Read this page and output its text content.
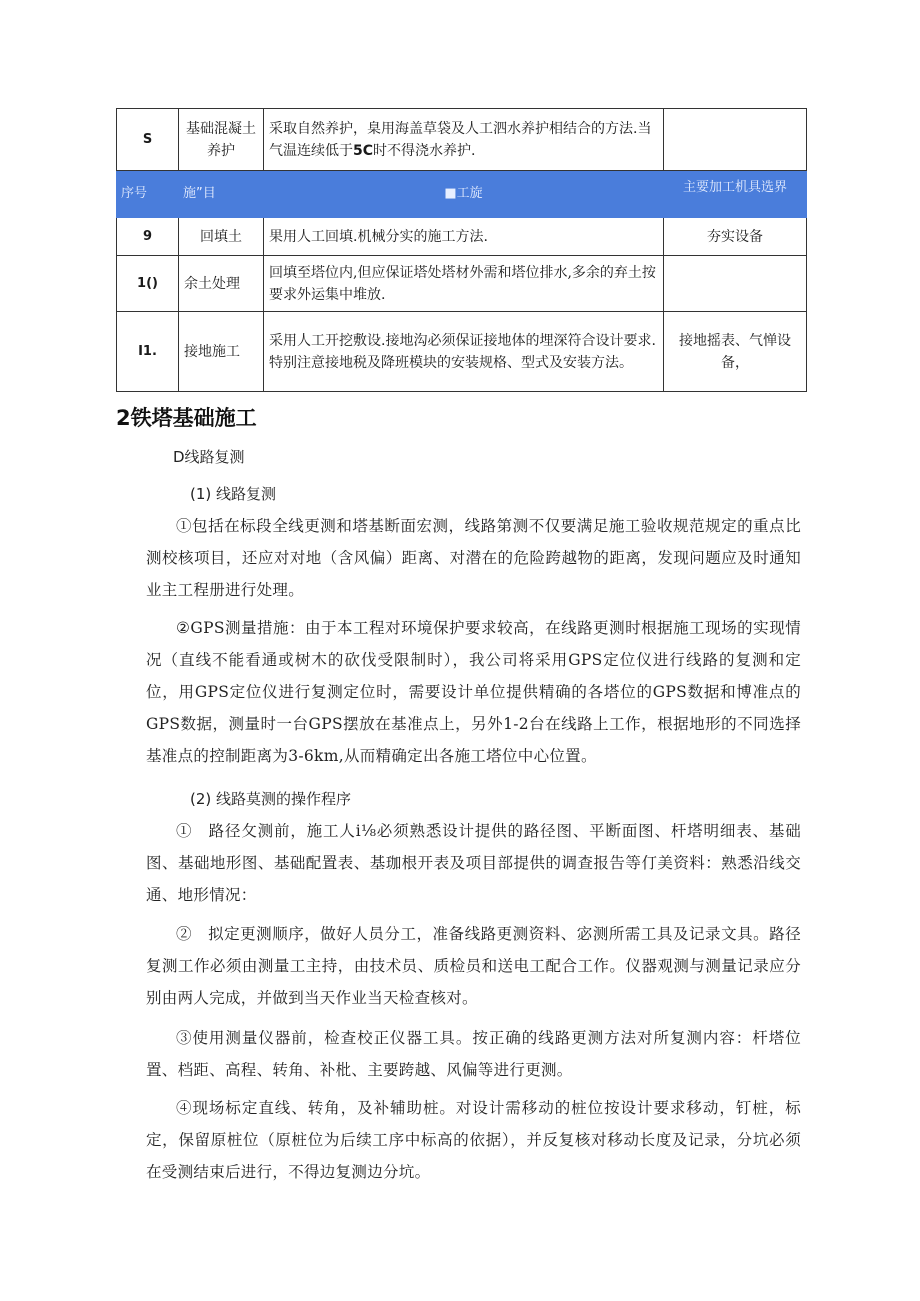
S	基础混凝土养护	采取自然养护，臬用海盖草袋及人工泗水养护相结合的方法.当气温连续低于5C时不得浇水养护.	
序号	施”目	■工旋	主要加工机具选界
9	回填土	果用人工回填.机械分实的施工方法.	夯实设备
1()	余土处理	回填至塔位内,但应保证塔处塔材外需和塔位排水,多余的弃土按要求外运集中堆放.	
I1.	接地施工	采用人工开挖敷设.接地沟必须保证接地体的埋深符合设计要求.特别注意接地税及降班模块的安装规格、型式及安装方法。	接地摇表、气惮设备，
2铁塔基础施工
D线路复测
(1) 线路复测
①包括在标段全线更测和塔基断面宏测，线路第测不仅要满足施工验收规范规定的重点比测校核项目，还应对对地（含风偏）距离、对潜在的危险跨越物的距离，发现问题应及时通知业主工程册进行处理。
②GPS测量措施：由于本工程对环境保护要求较高，在线路更测时根据施工现场的实现情况（直线不能看通或树木的砍伐受限制时），我公司将采用GPS定位仪进行线路的复测和定位，用GPS定位仪进行复测定位时，需要设计单位提供精确的各塔位的GPS数据和博准点的GPS数据，测量时一台GPS摆放在基准点上，另外1-2台在线路上工作，根据地形的不同选择基准点的控制距离为3-6km,从而精确定出各施工塔位中心位置。
(2) 线路莫测的操作程序
①　路径攵测前，施工人i⅛必须熟悉设计提供的路径图、平断面图、杆塔明细表、基础图、基础地形图、基础配置表、基珈根开表及项目部提供的调查报告等仃美资料：熟悉沿线交通、地形情况：
②　拟定更测顺序，做好人员分工，准备线路更测资料、宓测所需工具及记录文具。路径复测工作必须由测量工主持，由技术员、质检员和送电工配合工作。仪器观测与测量记录应分别由两人完成，并做到当天作业当天检查核对。
③使用测量仪器前，检查校正仪器工具。按正确的线路更测方法对所复测内容：杆塔位置、档距、高程、转角、补枇、主要跨越、风偏等进行更测。
④现场标定直线、转角，及补辅助桩。对设计需移动的桩位按设计要求移动，钉桩，标定，保留原桩位（原桩位为后续工序中标高的依据），并反复核对移动长度及记录，分坑必须在受测结束后进行，不得边复测边分坑。
